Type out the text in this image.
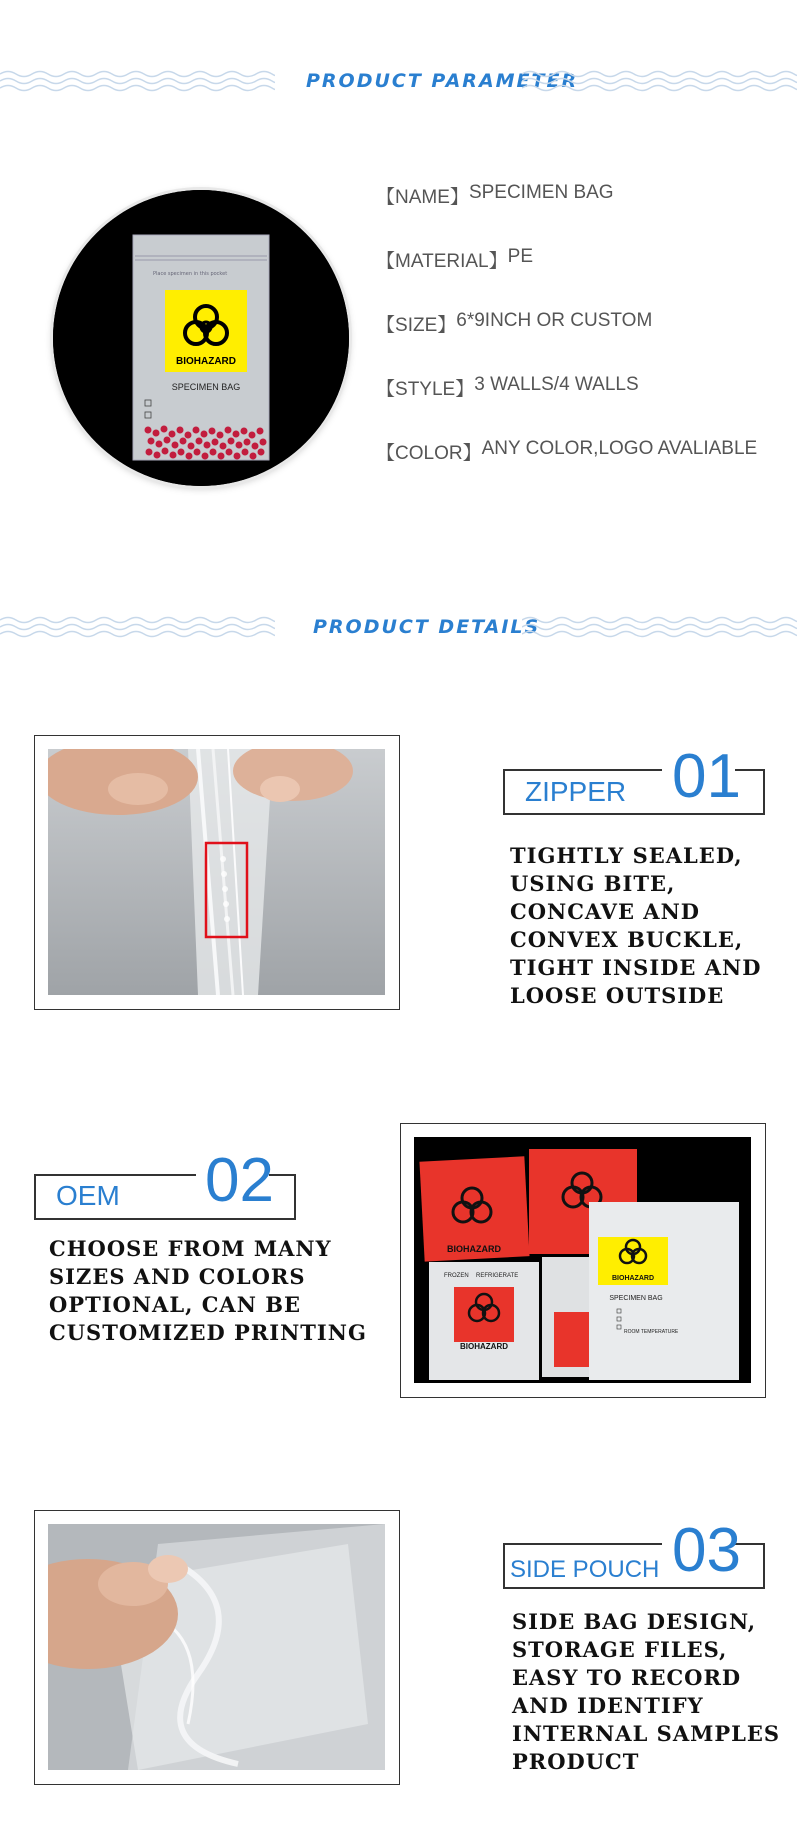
PRODUCT PARAMETER
Place specimen in this pocket
BIOHAZARD
SPECIMEN BAG
【 NAME 】	SPECIMEN BAG
【 MATERIAL 】	PE
【 SIZE 】	6*9INCH OR CUSTOM
【 STYLE 】	3 WALLS/4 WALLS
【 COLOR 】	ANY COLOR,LOGO AVALIABLE
PRODUCT DETAILS
ZIPPER 01
TIGHTLY SEALED, USING BITE, CONCAVE AND CONVEX BUCKLE, TIGHT INSIDE AND LOOSE OUTSIDE
OEM 02
CHOOSE FROM MANY SIZES AND COLORS OPTIONAL, CAN BE CUSTOMIZED PRINTING
BIOHAZARD
BIOHAZARD
FROZEN REFRIGERATE	BIOHAZARD
SPECIMEN BAG
ROOM TEMPERATURE
SIDE POUCH 03
SIDE BAG DESIGN, STORAGE FILES, EASY TO RECORD AND IDENTIFY INTERNAL SAMPLES PRODUCT
